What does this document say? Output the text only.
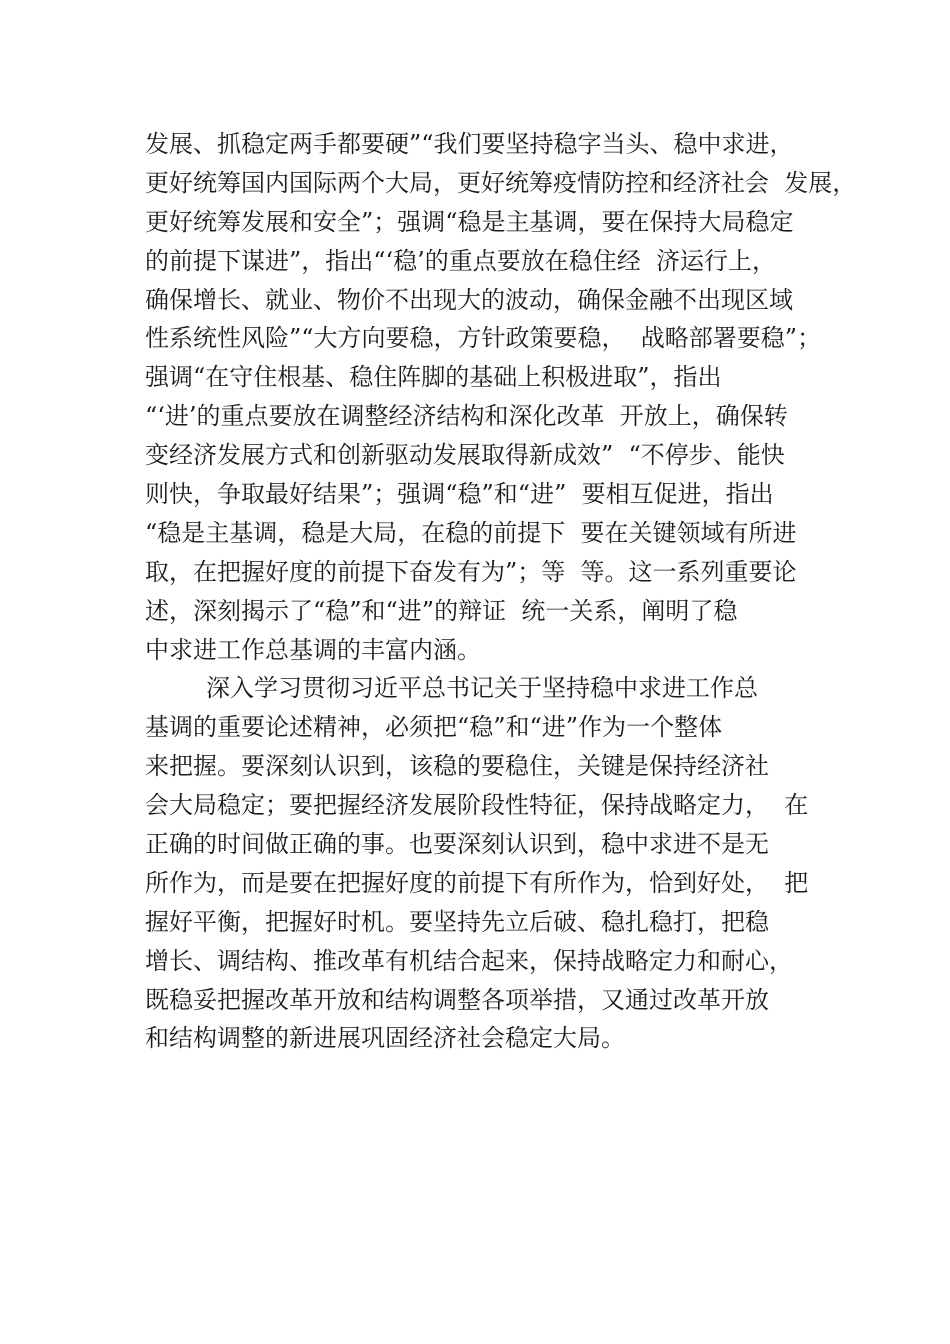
发展、抓稳定两手都要硬”“我们要坚持稳字当头、稳中求进，
更好统筹国内国际两个大局，更好统筹疫情防控和经济社会  发展，
更好统筹发展和安全”；强调“稳是主基调，要在保持大局稳定
的前提下谋进”，指出“‘稳’的重点要放在稳住经  济运行上，
确保增长、就业、物价不出现大的波动，确保金融不出现区域
性系统性风险”“大方向要稳，方针政策要稳，  战略部署要稳”；
强调“在守住根基、稳住阵脚的基础上积极进取”，指出
“‘进’的重点要放在调整经济结构和深化改革  开放上，确保转
变经济发展方式和创新驱动发展取得新成效”  “不停步、能快
则快，争取最好结果”；强调“稳”和“进”  要相互促进，指出
“稳是主基调，稳是大局，在稳的前提下  要在关键领域有所进
取，在把握好度的前提下奋发有为”；等  等。这一系列重要论
述，深刻揭示了“稳”和“进”的辩证  统一关系，阐明了稳
中求进工作总基调的丰富内涵。
深入学习贯彻习近平总书记关于坚持稳中求进工作总
基调的重要论述精神，必须把“稳”和“进”作为一个整体
来把握。要深刻认识到，该稳的要稳住，关键是保持经济社
会大局稳定；要把握经济发展阶段性特征，保持战略定力，  在
正确的时间做正确的事。也要深刻认识到，稳中求进不是无
所作为，而是要在把握好度的前提下有所作为，恰到好处，  把
握好平衡，把握好时机。要坚持先立后破、稳扎稳打，把稳
增长、调结构、推改革有机结合起来，保持战略定力和耐心，
既稳妥把握改革开放和结构调整各项举措，又通过改革开放
和结构调整的新进展巩固经济社会稳定大局。
